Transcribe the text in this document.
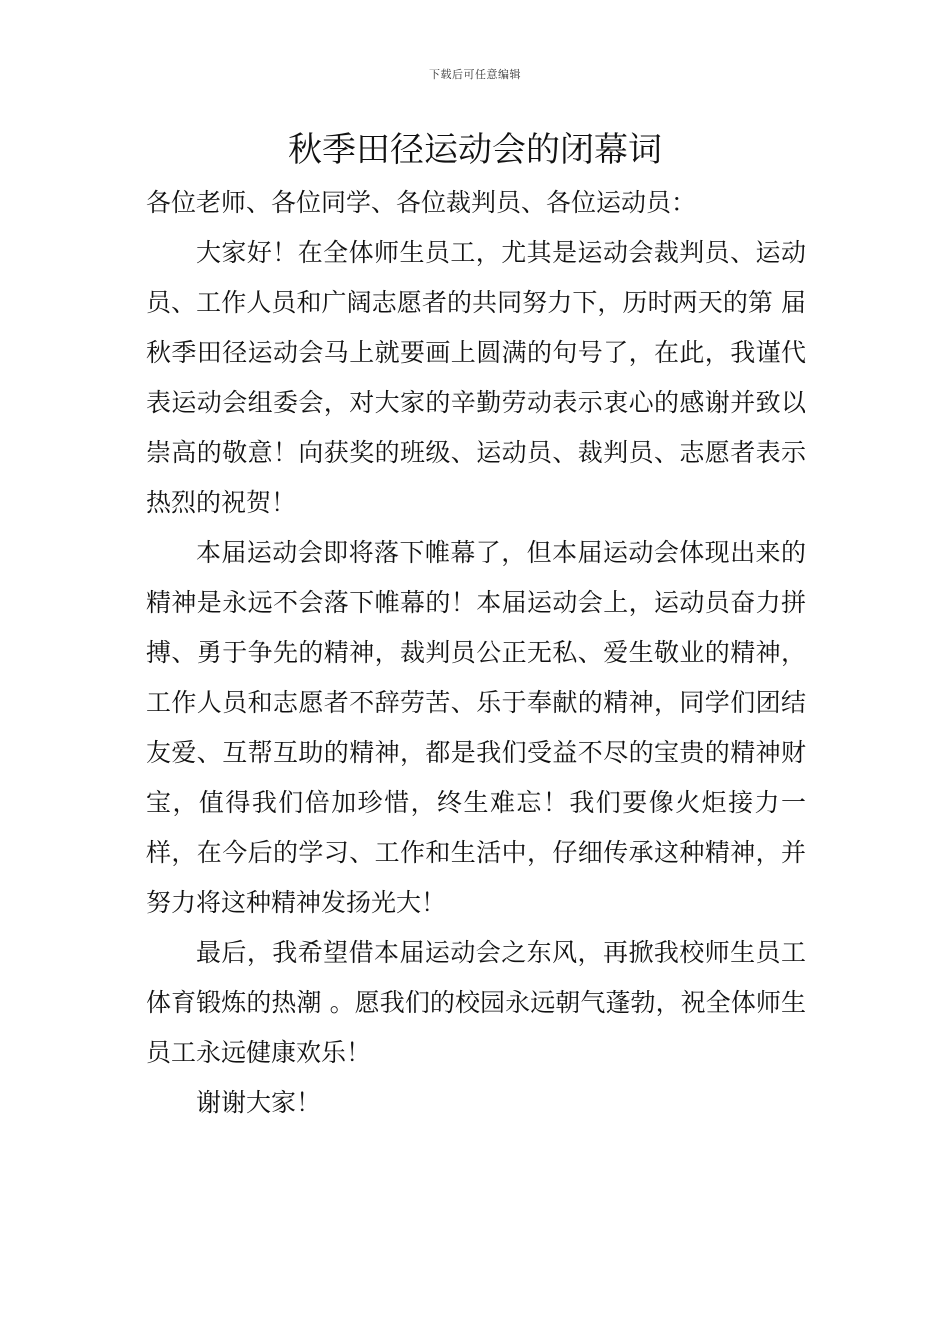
下载后可任意编辑
秋季田径运动会的闭幕词

各位老师、各位同学、各位裁判员、各位运动员：

大家好！在全体师生员工，尤其是运动会裁判员、运动员、工作人员和广阔志愿者的共同努力下，历时两天的第 届秋季田径运动会马上就要画上圆满的句号了，在此，我谨代表运动会组委会，对大家的辛勤劳动表示衷心的感谢并致以崇高的敬意！向获奖的班级、运动员、裁判员、志愿者表示热烈的祝贺！

本届运动会即将落下帷幕了，但本届运动会体现出来的精神是永远不会落下帷幕的！本届运动会上，运动员奋力拼搏、勇于争先的精神，裁判员公正无私、爱生敬业的精神，工作人员和志愿者不辞劳苦、乐于奉献的精神，同学们团结友爱、互帮互助的精神，都是我们受益不尽的宝贵的精神财宝，值得我们倍加珍惜，终生难忘！我们要像火炬接力一样，在今后的学习、工作和生活中，仔细传承这种精神，并努力将这种精神发扬光大！

最后，我希望借本届运动会之东风，再掀我校师生员工体育锻炼的热潮 。愿我们的校园永远朝气蓬勃，祝全体师生员工永远健康欢乐！

谢谢大家！
